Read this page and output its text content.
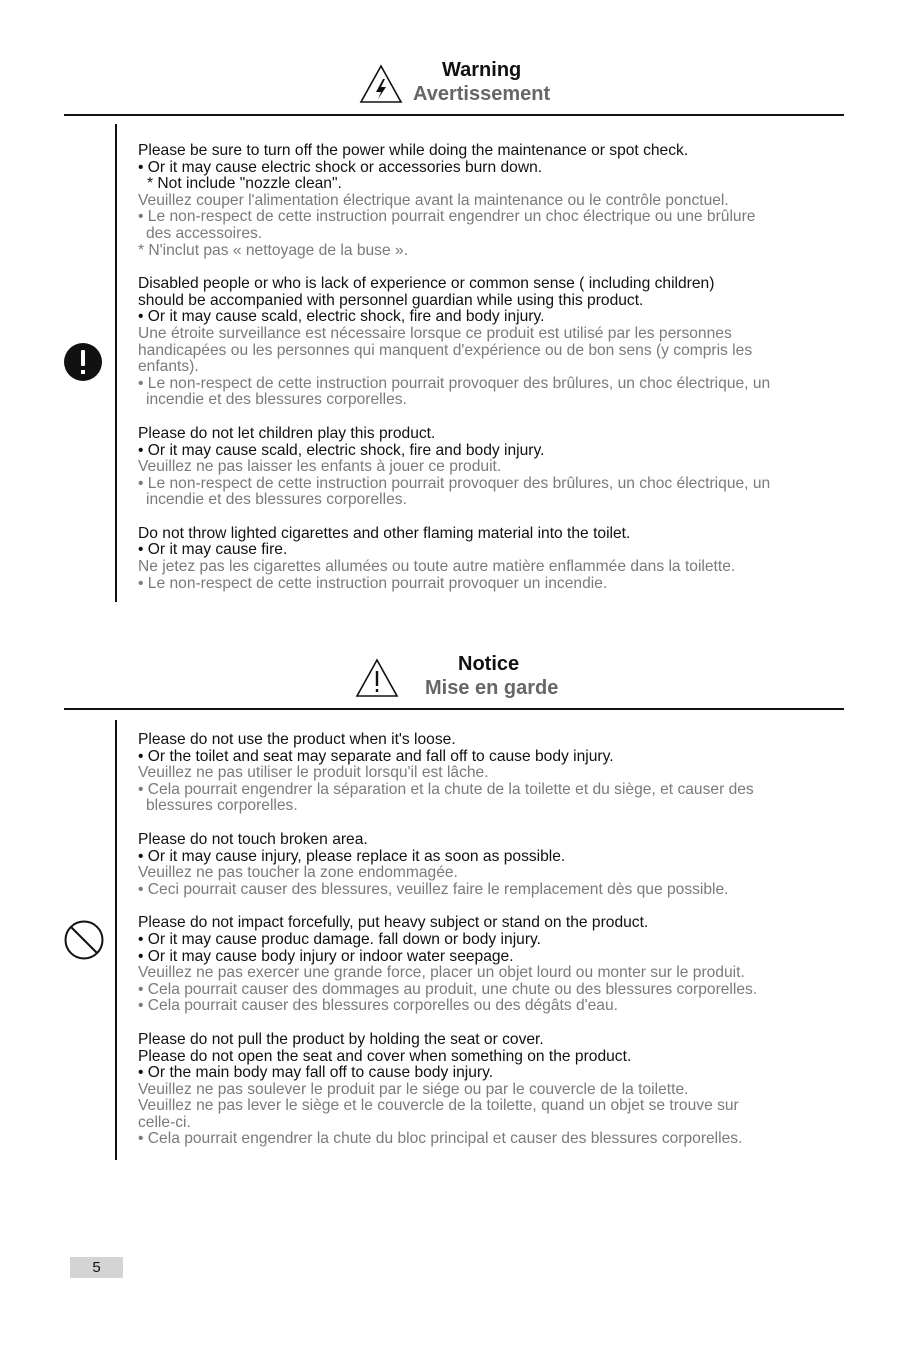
Warning
Avertissement
Please be sure to turn off the power while doing the maintenance or spot check.
• Or it may cause electric shock or accessories burn down.
* Not include "nozzle clean".
Veuillez couper l'alimentation électrique avant la maintenance ou le contrôle ponctuel.
• Le non-respect de cette instruction pourrait engendrer un choc électrique ou une brûlure
des accessoires.
* N'inclut pas « nettoyage de la buse ».
Disabled people or who is lack of experience or common sense ( including children)
should be accompanied with personnel guardian while using this product.
• Or it may cause scald, electric shock, fire and body injury.
Une étroite surveillance est nécessaire lorsque ce produit est utilisé par les personnes
handicapées ou les personnes qui manquent d'expérience ou de bon sens (y compris les
enfants).
• Le non-respect de cette instruction pourrait provoquer des brûlures, un choc électrique, un
incendie et des blessures corporelles.
Please do not let children play this product.
• Or it may cause scald, electric shock, fire and body injury.
Veuillez ne pas laisser les enfants à jouer ce produit.
• Le non-respect de cette instruction pourrait provoquer des brûlures, un choc électrique, un
incendie et des blessures corporelles.
Do not throw lighted cigarettes and other flaming material into the toilet.
• Or it may cause fire.
Ne jetez pas les cigarettes allumées ou toute autre matière enflammée dans la toilette.
• Le non-respect de cette instruction pourrait provoquer un incendie.
Notice
Mise en garde
Please do not use the product when it's loose.
• Or the toilet and seat may separate and fall off to cause body injury.
Veuillez ne pas utiliser le produit lorsqu'il est lâche.
• Cela pourrait engendrer la séparation et la chute de la toilette et du siège, et causer des
blessures corporelles.
Please do not touch broken area.
• Or it may cause injury, please replace it as soon as possible.
Veuillez ne pas toucher la zone endommagée.
• Ceci pourrait causer des blessures, veuillez faire le remplacement dès que possible.
Please do not impact forcefully, put heavy subject or stand on the product.
• Or it may cause produc damage. fall down or body injury.
• Or it may cause body injury or indoor water seepage.
Veuillez ne pas exercer une grande force, placer un objet lourd ou monter sur le produit.
• Cela pourrait causer des dommages au produit, une chute ou des blessures corporelles.
• Cela pourrait causer des blessures corporelles ou des dégâts d'eau.
Please do not pull the product by holding the seat or cover.
Please do not open the seat and cover when something on the product.
• Or the main body may fall off to cause body injury.
Veuillez ne pas soulever le produit par le siége ou par le couvercle de la toilette.
Veuillez ne pas lever le siège et le couvercle de la toilette, quand un objet se trouve sur
celle-ci.
• Cela pourrait engendrer la chute du bloc principal et causer des blessures corporelles.
5
